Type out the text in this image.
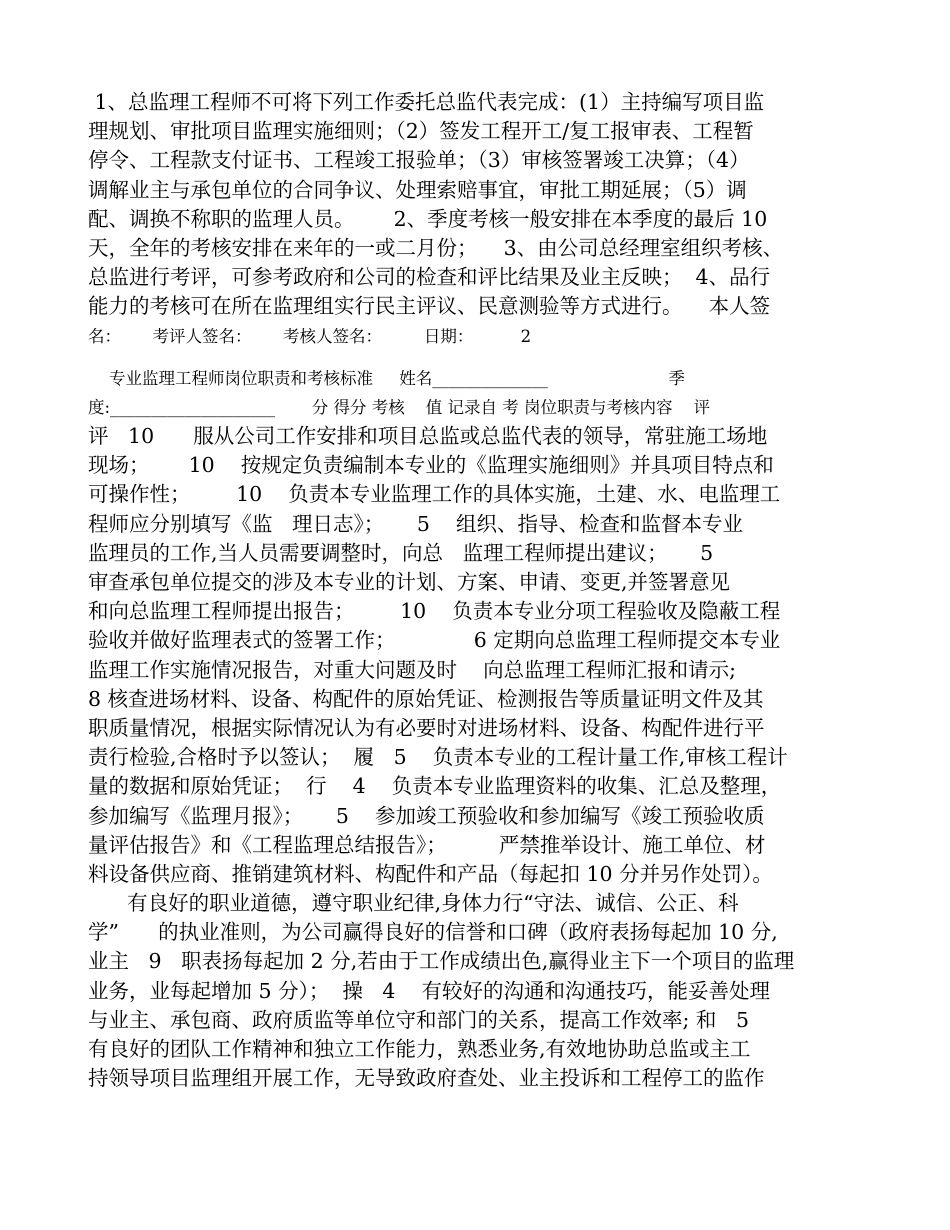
1、总监理工程师不可将下列工作委托总监代表完成：(1）主持编写项目监
理规划、审批项目监理实施细则；（2）签发工程开工/复工报审表、工程暂
停令、工程款支付证书、工程竣工报验单；（3）审核签署竣工决算；（4）
调解业主与承包单位的合同争议、处理索赔事宜，审批工期延展；（5）调
配、调换不称职的监理人员。      2、季度考核一般安排在本季度的最后 10
天，全年的考核安排在来年的一或二月份；    3、由公司总经理室组织考核、
总监进行考评，可参考政府和公司的检查和评比结果及业主反映；  4、品行
能力的考核可在所在监理组实行民主评议、民意测验等方式进行。    本人签
名：      考评人签名：      考核人签名：        日期：         2
专业监理工程师岗位职责和考核标准     姓名______________                       季
度:____________________       分 得分 考核    值 记录自 考 岗位职责与考核内容    评
评   10      服从公司工作安排和项目总监或总监代表的领导，常驻施工场地
现场；      10    按规定负责编制本专业的《监理实施细则》并具项目特点和
可操作性；       10    负责本专业监理工作的具体实施，土建、水、电监理工
程师应分别填写《监   理日志》；     5    组织、指导、检查和监督本专业
监理员的工作,当人员需要调整时，向总   监理工程师提出建议；     5
审查承包单位提交的涉及本专业的计划、方案、申请、变更,并签署意见
和向总监理工程师提出报告；       10    负责本专业分项工程验收及隐蔽工程
验收并做好监理表式的签署工作；            6 定期向总监理工程师提交本专业
监理工作实施情况报告，对重大问题及时    向总监理工程师汇报和请示;
8 核查进场材料、设备、构配件的原始凭证、检测报告等质量证明文件及其
职质量情况，根据实际情况认为有必要时对进场材料、设备、构配件进行平
责行检验,合格时予以签认；  履   5    负责本专业的工程计量工作,审核工程计
量的数据和原始凭证；  行    4    负责本专业监理资料的收集、汇总及整理，
参加编写《监理月报》；     5    参加竣工预验收和参加编写《竣工预验收质
量评估报告》和《工程监理总结报告》；        严禁推举设计、施工单位、材
料设备供应商、推销建筑材料、构配件和产品（每起扣 10 分并另作处罚）。
有良好的职业道德，遵守职业纪律,身体力行“守法、诚信、公正、科
学”      的执业准则，为公司赢得良好的信誉和口碑（政府表扬每起加 10 分,
业主   9   职表扬每起加 2 分,若由于工作成绩出色,赢得业主下一个项目的监理
业务，业每起增加 5 分）；  操   4    有较好的沟通和沟通技巧，能妥善处理
与业主、承包商、政府质监等单位守和部门的关系，提高工作效率; 和   5
有良好的团队工作精神和独立工作能力，熟悉业务,有效地协助总监或主工
持领导项目监理组开展工作，无导致政府查处、业主投诉和工程停工的监作
